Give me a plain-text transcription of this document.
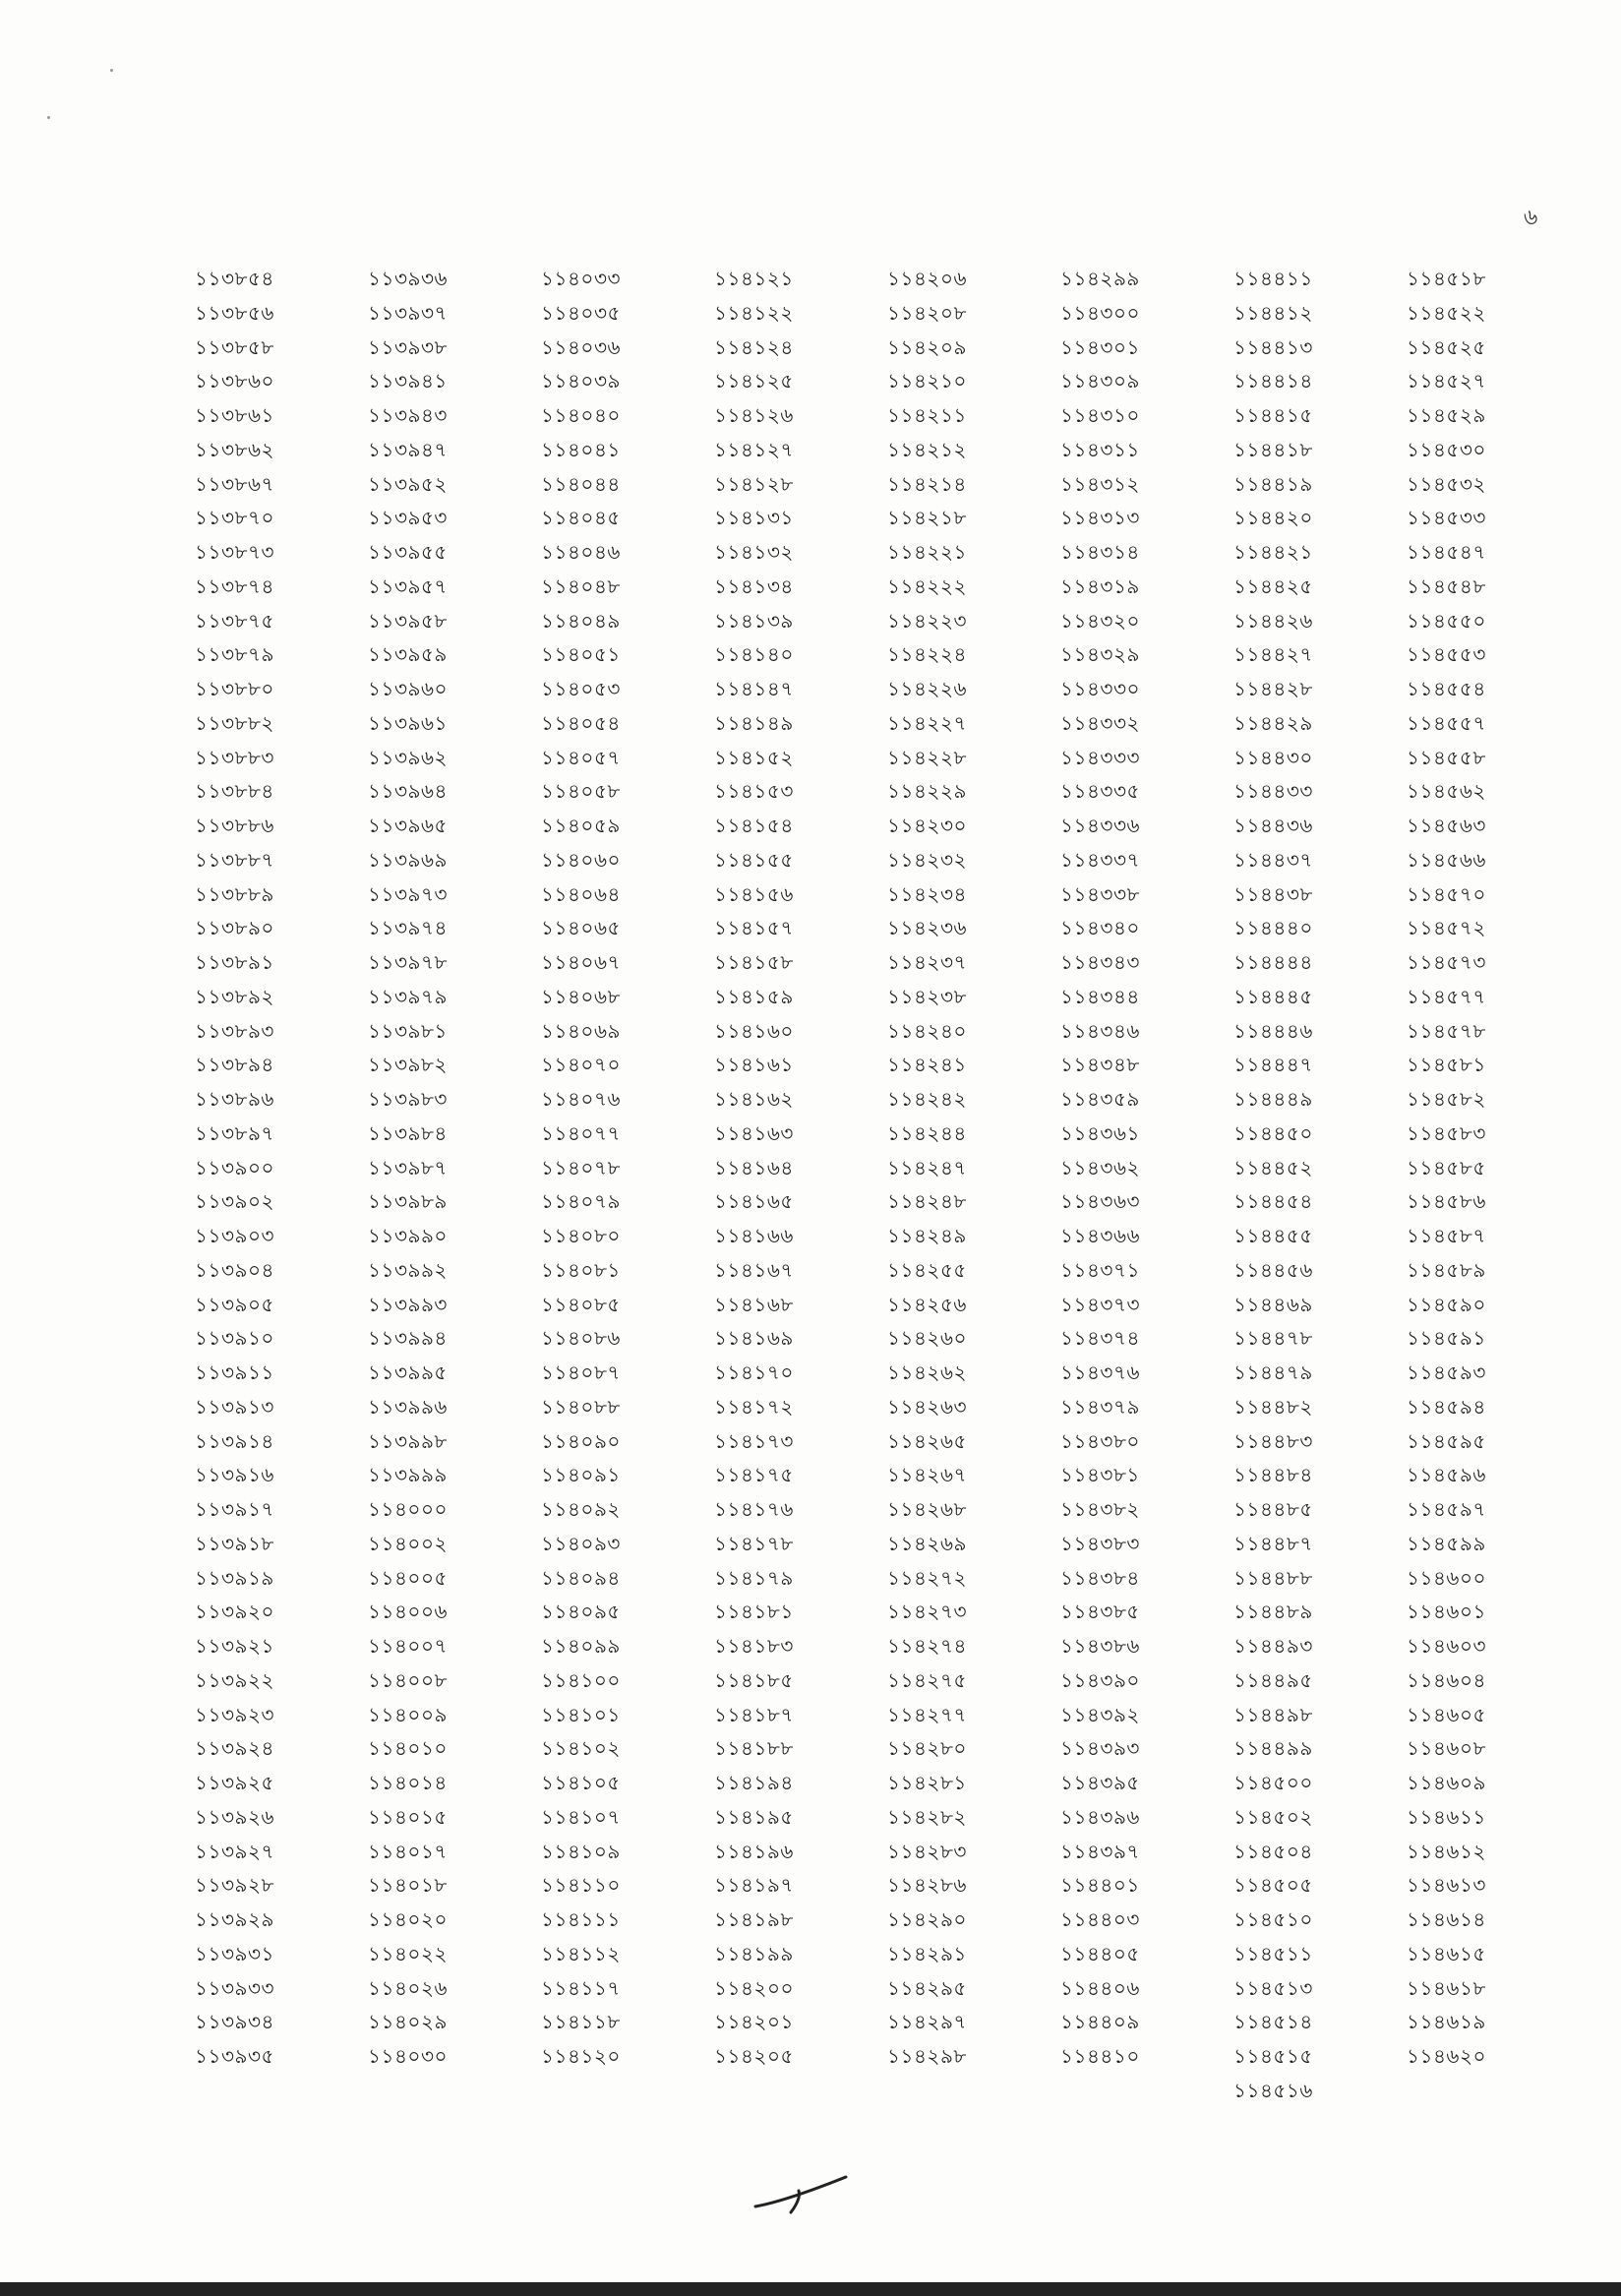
৬
১১৩৮৫৪
১১৩৮৫৬
১১৩৮৫৮
১১৩৮৬০
১১৩৮৬১
১১৩৮৬২
১১৩৮৬৭
১১৩৮৭০
১১৩৮৭৩
১১৩৮৭৪
১১৩৮৭৫
১১৩৮৭৯
১১৩৮৮০
১১৩৮৮২
১১৩৮৮৩
১১৩৮৮৪
১১৩৮৮৬
১১৩৮৮৭
১১৩৮৮৯
১১৩৮৯০
১১৩৮৯১
১১৩৮৯২
১১৩৮৯৩
১১৩৮৯৪
১১৩৮৯৬
১১৩৮৯৭
১১৩৯০০
১১৩৯০২
১১৩৯০৩
১১৩৯০৪
১১৩৯০৫
১১৩৯১০
১১৩৯১১
১১৩৯১৩
১১৩৯১৪
১১৩৯১৬
১১৩৯১৭
১১৩৯১৮
১১৩৯১৯
১১৩৯২০
১১৩৯২১
১১৩৯২২
১১৩৯২৩
১১৩৯২৪
১১৩৯২৫
১১৩৯২৬
১১৩৯২৭
১১৩৯২৮
১১৩৯২৯
১১৩৯৩১
১১৩৯৩৩
১১৩৯৩৪
১১৩৯৩৫
১১৩৯৩৬
১১৩৯৩৭
১১৩৯৩৮
১১৩৯৪১
১১৩৯৪৩
১১৩৯৪৭
১১৩৯৫২
১১৩৯৫৩
১১৩৯৫৫
১১৩৯৫৭
১১৩৯৫৮
১১৩৯৫৯
১১৩৯৬০
১১৩৯৬১
১১৩৯৬২
১১৩৯৬৪
১১৩৯৬৫
১১৩৯৬৯
১১৩৯৭৩
১১৩৯৭৪
১১৩৯৭৮
১১৩৯৭৯
১১৩৯৮১
১১৩৯৮২
১১৩৯৮৩
১১৩৯৮৪
১১৩৯৮৭
১১৩৯৮৯
১১৩৯৯০
১১৩৯৯২
১১৩৯৯৩
১১৩৯৯৪
১১৩৯৯৫
১১৩৯৯৬
১১৩৯৯৮
১১৩৯৯৯
১১৪০০০
১১৪০০২
১১৪০০৫
১১৪০০৬
১১৪০০৭
১১৪০০৮
১১৪০০৯
১১৪০১০
১১৪০১৪
১১৪০১৫
১১৪০১৭
১১৪০১৮
১১৪০২০
১১৪০২২
১১৪০২৬
১১৪০২৯
১১৪০৩০
১১৪০৩৩
১১৪০৩৫
১১৪০৩৬
১১৪০৩৯
১১৪০৪০
১১৪০৪১
১১৪০৪৪
১১৪০৪৫
১১৪০৪৬
১১৪০৪৮
১১৪০৪৯
১১৪০৫১
১১৪০৫৩
১১৪০৫৪
১১৪০৫৭
১১৪০৫৮
১১৪০৫৯
১১৪০৬০
১১৪০৬৪
১১৪০৬৫
১১৪০৬৭
১১৪০৬৮
১১৪০৬৯
১১৪০৭০
১১৪০৭৬
১১৪০৭৭
১১৪০৭৮
১১৪০৭৯
১১৪০৮০
১১৪০৮১
১১৪০৮৫
১১৪০৮৬
১১৪০৮৭
১১৪০৮৮
১১৪০৯০
১১৪০৯১
১১৪০৯২
১১৪০৯৩
১১৪০৯৪
১১৪০৯৫
১১৪০৯৯
১১৪১০০
১১৪১০১
১১৪১০২
১১৪১০৫
১১৪১০৭
১১৪১০৯
১১৪১১০
১১৪১১১
১১৪১১২
১১৪১১৭
১১৪১১৮
১১৪১২০
১১৪১২১
১১৪১২২
১১৪১২৪
১১৪১২৫
১১৪১২৬
১১৪১২৭
১১৪১২৮
১১৪১৩১
১১৪১৩২
১১৪১৩৪
১১৪১৩৯
১১৪১৪০
১১৪১৪৭
১১৪১৪৯
১১৪১৫২
১১৪১৫৩
১১৪১৫৪
১১৪১৫৫
১১৪১৫৬
১১৪১৫৭
১১৪১৫৮
১১৪১৫৯
১১৪১৬০
১১৪১৬১
১১৪১৬২
১১৪১৬৩
১১৪১৬৪
১১৪১৬৫
১১৪১৬৬
১১৪১৬৭
১১৪১৬৮
১১৪১৬৯
১১৪১৭০
১১৪১৭২
১১৪১৭৩
১১৪১৭৫
১১৪১৭৬
১১৪১৭৮
১১৪১৭৯
১১৪১৮১
১১৪১৮৩
১১৪১৮৫
১১৪১৮৭
১১৪১৮৮
১১৪১৯৪
১১৪১৯৫
১১৪১৯৬
১১৪১৯৭
১১৪১৯৮
১১৪১৯৯
১১৪২০০
১১৪২০১
১১৪২০৫
১১৪২০৬
১১৪২০৮
১১৪২০৯
১১৪২১০
১১৪২১১
১১৪২১২
১১৪২১৪
১১৪২১৮
১১৪২২১
১১৪২২২
১১৪২২৩
১১৪২২৪
১১৪২২৬
১১৪২২৭
১১৪২২৮
১১৪২২৯
১১৪২৩০
১১৪২৩২
১১৪২৩৪
১১৪২৩৬
১১৪২৩৭
১১৪২৩৮
১১৪২৪০
১১৪২৪১
১১৪২৪২
১১৪২৪৪
১১৪২৪৭
১১৪২৪৮
১১৪২৪৯
১১৪২৫৫
১১৪২৫৬
১১৪২৬০
১১৪২৬২
১১৪২৬৩
১১৪২৬৫
১১৪২৬৭
১১৪২৬৮
১১৪২৬৯
১১৪২৭২
১১৪২৭৩
১১৪২৭৪
১১৪২৭৫
১১৪২৭৭
১১৪২৮০
১১৪২৮১
১১৪২৮২
১১৪২৮৩
১১৪২৮৬
১১৪২৯০
১১৪২৯১
১১৪২৯৫
১১৪২৯৭
১১৪২৯৮
১১৪২৯৯
১১৪৩০০
১১৪৩০১
১১৪৩০৯
১১৪৩১০
১১৪৩১১
১১৪৩১২
১১৪৩১৩
১১৪৩১৪
১১৪৩১৯
১১৪৩২০
১১৪৩২৯
১১৪৩৩০
১১৪৩৩২
১১৪৩৩৩
১১৪৩৩৫
১১৪৩৩৬
১১৪৩৩৭
১১৪৩৩৮
১১৪৩৪০
১১৪৩৪৩
১১৪৩৪৪
১১৪৩৪৬
১১৪৩৪৮
১১৪৩৫৯
১১৪৩৬১
১১৪৩৬২
১১৪৩৬৩
১১৪৩৬৬
১১৪৩৭১
১১৪৩৭৩
১১৪৩৭৪
১১৪৩৭৬
১১৪৩৭৯
১১৪৩৮০
১১৪৩৮১
১১৪৩৮২
১১৪৩৮৩
১১৪৩৮৪
১১৪৩৮৫
১১৪৩৮৬
১১৪৩৯০
১১৪৩৯২
১১৪৩৯৩
১১৪৩৯৫
১১৪৩৯৬
১১৪৩৯৭
১১৪৪০১
১১৪৪০৩
১১৪৪০৫
১১৪৪০৬
১১৪৪০৯
১১৪৪১০
১১৪৪১১
১১৪৪১২
১১৪৪১৩
১১৪৪১৪
১১৪৪১৫
১১৪৪১৮
১১৪৪১৯
১১৪৪২০
১১৪৪২১
১১৪৪২৫
১১৪৪২৬
১১৪৪২৭
১১৪৪২৮
১১৪৪২৯
১১৪৪৩০
১১৪৪৩৩
১১৪৪৩৬
১১৪৪৩৭
১১৪৪৩৮
১১৪৪৪০
১১৪৪৪৪
১১৪৪৪৫
১১৪৪৪৬
১১৪৪৪৭
১১৪৪৪৯
১১৪৪৫০
১১৪৪৫২
১১৪৪৫৪
১১৪৪৫৫
১১৪৪৫৬
১১৪৪৬৯
১১৪৪৭৮
১১৪৪৭৯
১১৪৪৮২
১১৪৪৮৩
১১৪৪৮৪
১১৪৪৮৫
১১৪৪৮৭
১১৪৪৮৮
১১৪৪৮৯
১১৪৪৯৩
১১৪৪৯৫
১১৪৪৯৮
১১৪৪৯৯
১১৪৫০০
১১৪৫০২
১১৪৫০৪
১১৪৫০৫
১১৪৫১০
১১৪৫১১
১১৪৫১৩
১১৪৫১৪
১১৪৫১৫
১১৪৫১৬
১১৪৫১৮
১১৪৫২২
১১৪৫২৫
১১৪৫২৭
১১৪৫২৯
১১৪৫৩০
১১৪৫৩২
১১৪৫৩৩
১১৪৫৪৭
১১৪৫৪৮
১১৪৫৫০
১১৪৫৫৩
১১৪৫৫৪
১১৪৫৫৭
১১৪৫৫৮
১১৪৫৬২
১১৪৫৬৩
১১৪৫৬৬
১১৪৫৭০
১১৪৫৭২
১১৪৫৭৩
১১৪৫৭৭
১১৪৫৭৮
১১৪৫৮১
১১৪৫৮২
১১৪৫৮৩
১১৪৫৮৫
১১৪৫৮৬
১১৪৫৮৭
১১৪৫৮৯
১১৪৫৯০
১১৪৫৯১
১১৪৫৯৩
১১৪৫৯৪
১১৪৫৯৫
১১৪৫৯৬
১১৪৫৯৭
১১৪৫৯৯
১১৪৬০০
১১৪৬০১
১১৪৬০৩
১১৪৬০৪
১১৪৬০৫
১১৪৬০৮
১১৪৬০৯
১১৪৬১১
১১৪৬১২
১১৪৬১৩
১১৪৬১৪
১১৪৬১৫
১১৪৬১৮
১১৪৬১৯
১১৪৬২০
